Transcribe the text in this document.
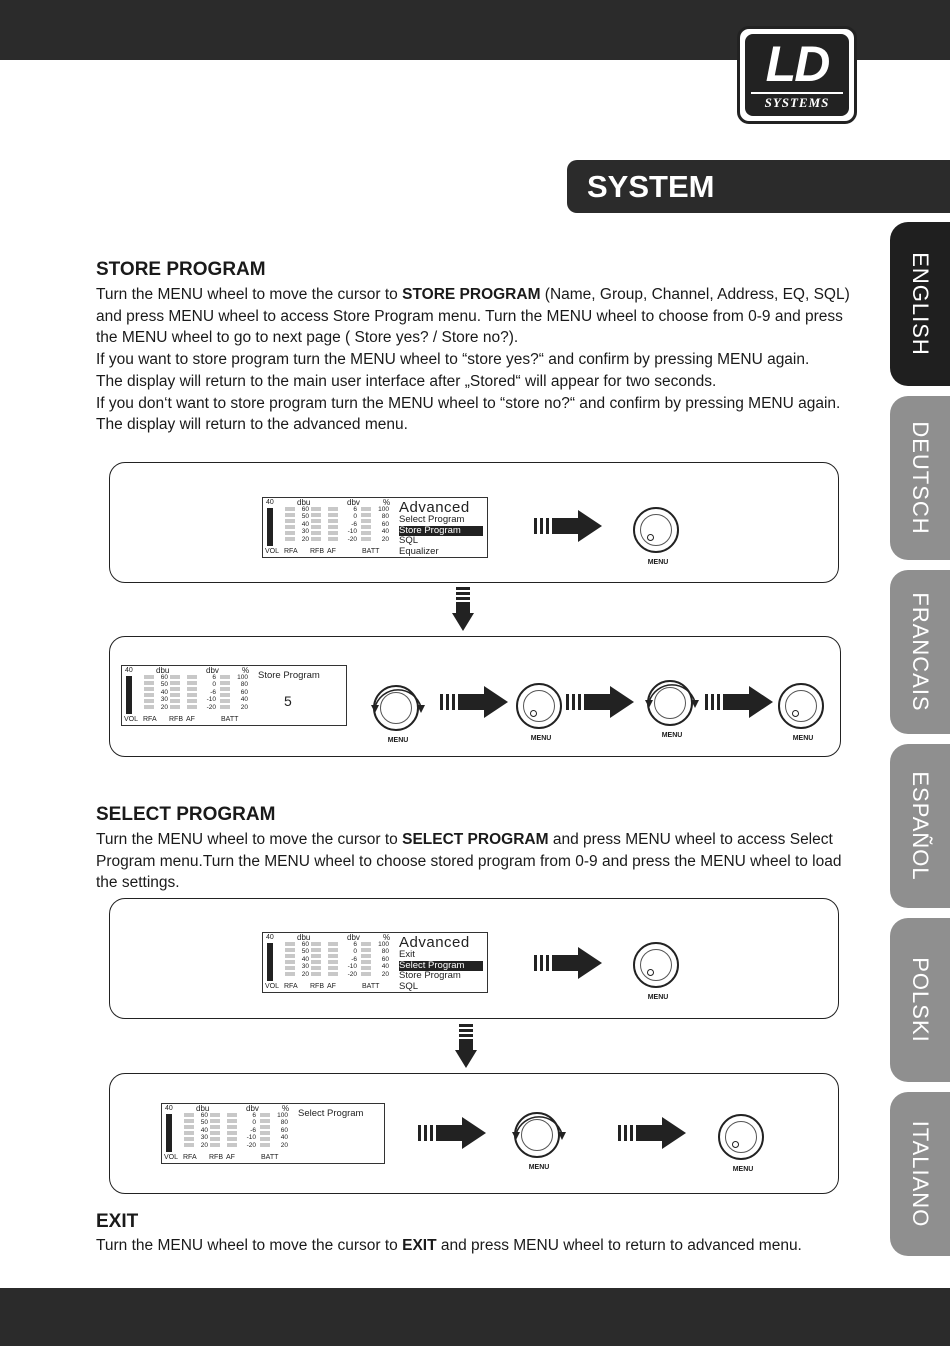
LD
SYSTEMS
SYSTEM
ENGLISH
DEUTSCH
FRANCAIS
ESPAÑOL
POLSKI
ITALIANO
STORE PROGRAM
Turn the MENU wheel to move the cursor to STORE PROGRAM (Name, Group, Channel, Address, EQ, SQL) and press MENU wheel to access Store Program menu. Turn the MENU wheel to choose from 0-9 and press the MENU wheel to go to next page ( Store yes? / Store no?).
If you want to store program turn the MENU wheel to “store yes?“ and confirm by pressing MENU again.
The display will return to the main user interface after „Stored“ will appear for two seconds.
If you don‘t want to store program turn the MENU wheel to “store no?“ and confirm by pressing MENU again.
The display will return to the advanced menu.
40	dbu
60
50
40
30
20
dbv
6
0
-6
-10
-20
%
100
80
60
40
20
VOL RFA RFB AF	BATT
Advanced
Select Program
Store Program
SQL
Equalizer
MENU
40	dbu
60
50
40
30
20
dbv
6
0
-6
-10
-20
%
100
80
60
40
20
VOL RFA RFB AF	BATT
Store Program
5
MENU	MENU	MENU	MENU
SELECT PROGRAM
Turn the MENU wheel to move the cursor to SELECT PROGRAM and press MENU wheel to access Select Program menu.Turn the MENU wheel to choose stored program from 0-9 and press the MENU wheel to load the settings.
40	dbu
60
50
40
30
20
dbv
6
0
-6
-10
-20
%
100
80
60
40
20
VOL RFA RFB AF	BATT
Advanced
Exit
Select Program
Store Program
SQL
MENU
40	dbu
60
50
40
30
20
dbv
6
0
-6
-10
-20
%
100
80
60
40
20
VOL RFA RFB AF	BATT
Select Program
MENU	MENU
EXIT
Turn the MENU wheel to move the cursor to EXIT and press MENU wheel to return to advanced menu.
